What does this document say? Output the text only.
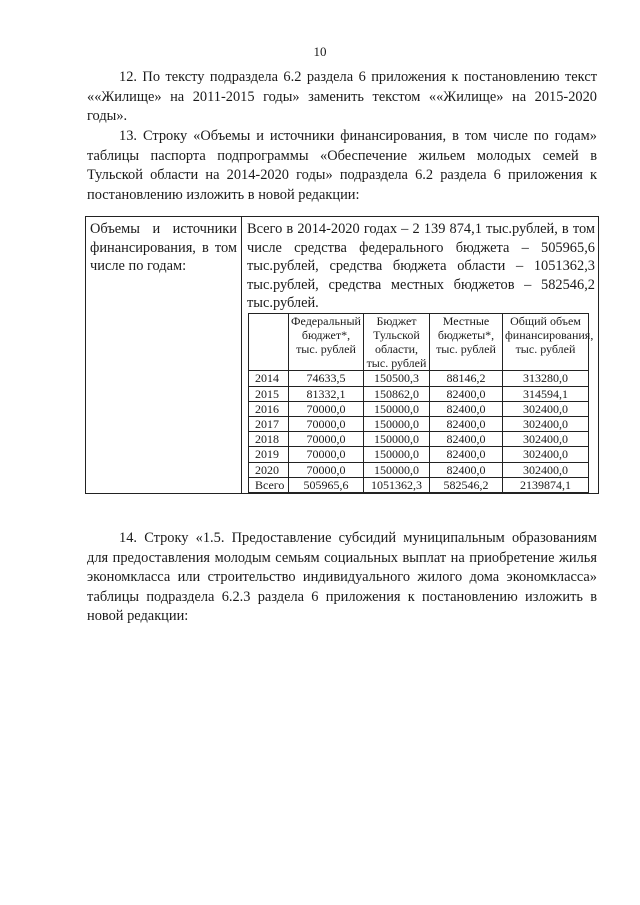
10

12. По тексту подраздела 6.2 раздела 6 приложения к постановлению текст ««Жилище» на 2011-2015 годы» заменить текстом ««Жилище» на 2015-2020 годы».

13. Строку «Объемы и источники финансирования, в том числе по годам» таблицы паспорта подпрограммы «Обеспечение жильем молодых семей в Тульской области на 2014-2020 годы» подраздела 6.2 раздела 6 приложения к постановлению изложить в новой редакции:

Объемы и источники финансирования, в том числе по годам:

Всего в 2014-2020 годах – 2 139 874,1 тыс.рублей, в том числе средства федерального бюджета – 505965,6 тыс.рублей, средства бюджета области – 1051362,3 тыс.рублей, средства местных бюджетов – 582546,2 тыс.рублей.
	Федеральный бюджет*, тыс. рублей	Бюджет Тульской области, тыс. рублей	Местные бюджеты*, тыс. рублей	Общий объем финансирования, тыс. рублей
2014	74633,5	150500,3	88146,2	313280,0
2015	81332,1	150862,0	82400,0	314594,1
2016	70000,0	150000,0	82400,0	302400,0
2017	70000,0	150000,0	82400,0	302400,0
2018	70000,0	150000,0	82400,0	302400,0
2019	70000,0	150000,0	82400,0	302400,0
2020	70000,0	150000,0	82400,0	302400,0
Всего	505965,6	1051362,3	582546,2	2139874,1

14. Строку «1.5. Предоставление субсидий муниципальным образованиям для предоставления молодым семьям социальных выплат на приобретение жилья экономкласса или строительство индивидуального жилого дома экономкласса» таблицы подраздела 6.2.3 раздела 6 приложения к постановлению изложить в новой редакции:
